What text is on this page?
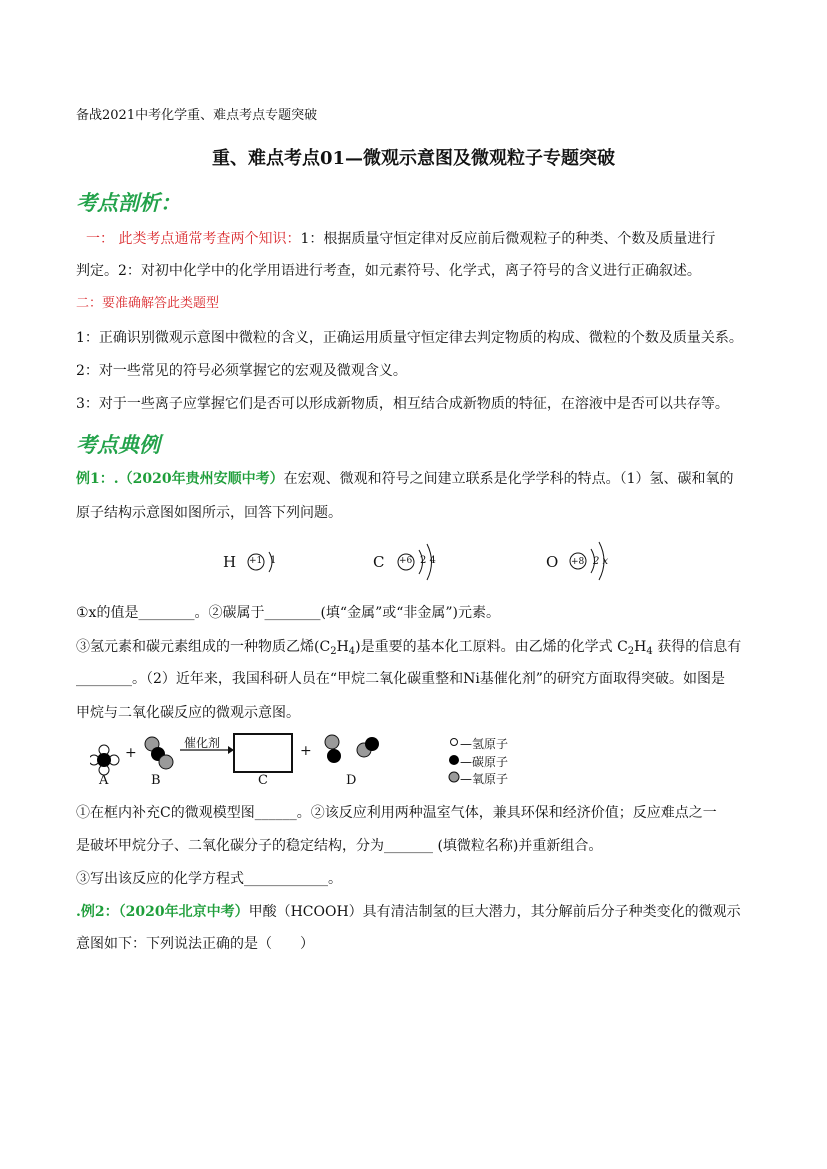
备战2021中考化学重、难点考点专题突破
重、难点考点01—微观示意图及微观粒子专题突破
考点剖析：
一： 此类考点通常考查两个知识：1：根据质量守恒定律对反应前后微观粒子的种类、个数及质量进行
判定。2：对初中化学中的化学用语进行考查，如元素符号、化学式，离子符号的含义进行正确叙述。
二：要准确解答此类题型
1：正确识别微观示意图中微粒的含义，正确运用质量守恒定律去判定物质的构成、微粒的个数及质量关系。
2：对一些常见的符号必须掌握它的宏观及微观含义。
3：对于一些离子应掌握它们是否可以形成新物质，相互结合成新物质的特征，在溶液中是否可以共存等。
考点典例
例1：.（2020年贵州安顺中考）在宏观、微观和符号之间建立联系是化学学科的特点。（1）氢、碳和氧的
原子结构示意图如图所示，回答下列问题。
H +1 1	C +6 2 4	O +8 2 x
①x的值是________。②碳属于________(填“金属”或“非金属”)元素。
③氢元素和碳元素组成的一种物质乙烯$(C_2H_4)$是重要的基本化工原料。由乙烯的化学式 $C_2H_4$ 获得的信息有
________。（2）近年来，我国科研人员在“甲烷二氧化碳重整和Ni基催化剂”的研究方面取得突破。如图是
甲烷与二氧化碳反应的微观示意图。
+	+
催化剂
A	B	C	D
—氢原子
—碳原子
—氧原子
①在框内补充C的微观模型图______。②该反应利用两种温室气体，兼具环保和经济价值；反应难点之一
是破坏甲烷分子、二氧化碳分子的稳定结构，分为_______ (填微粒名称)并重新组合。
③写出该反应的化学方程式____________。
.例2：（2020年北京中考）甲酸（HCOOH）具有清洁制氢的巨大潜力，其分解前后分子种类变化的微观示
意图如下：下列说法正确的是（　　）
